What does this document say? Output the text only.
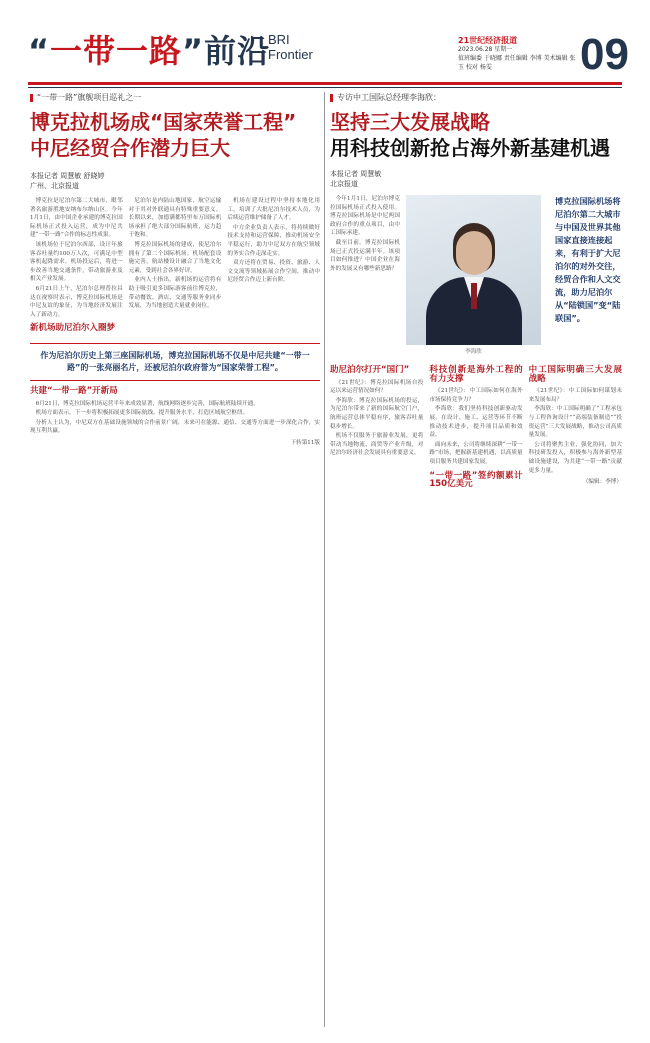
“一带一路”前沿
BRI
Frontier
21世纪经济报道
2023.06.28 星期一
值班编委 于晓娜 责任编辑 李博 美术编辑 张玉 校对 杨雯	09
“一带一路”旗舰项目巡礼之一
博克拉机场成“国家荣誉工程”
中尼经贸合作潜力巨大
本报记者 周慧敏 舒晓婷
广州、北京报道

博克拉是尼泊尔第二大城市，毗邻著名旅游胜地安纳布尔纳山区。今年1月1日，由中国企业承建的博克拉国际机场正式投入运营，成为中尼共建“一带一路”合作的标志性成果。

该机场位于尼泊尔西部，设计年旅客吞吐量约100万人次，可满足中型客机起降需求。机场投运后，将进一步改善当地交通条件，带动旅游业及相关产业发展。

6月21日上午，尼泊尔总理普拉昌达在视察时表示，博克拉国际机场是中尼友谊的象征，为当地经济发展注入了新动力。

新机场助尼泊尔入圈梦

尼泊尔是内陆山地国家，航空运输对于其对外联通具有特殊重要意义。长期以来，加德满都特里布万国际机场承担了绝大部分国际航班，运力趋于饱和。

博克拉国际机场的建成，使尼泊尔拥有了第二个国际机场。机场配套设施完善，航站楼设计融合了当地文化元素，受到社会各界好评。

业内人士指出，新机场的运营将有助于吸引更多国际游客前往博克拉，带动餐饮、酒店、交通等服务业同步发展，为当地创造大量就业岗位。

机场在建设过程中坚持本地化用工，培训了大批尼泊尔技术人员，为后续运营维护储备了人才。

中方企业负责人表示，将持续做好技术支持和运营保障，推动机场安全平稳运行，助力中尼双方在航空领域的务实合作走深走实。

双方还将在贸易、投资、旅游、人文交流等领域拓展合作空间，推动中尼经贸合作迈上新台阶。

作为尼泊尔历史上第三座国际机场，博克拉国际机场不仅是中尼共建“一带一路”的一张亮丽名片，还被尼泊尔政府誉为“国家荣誉工程”。
共建“一带一路”开新局

6月21日，博克拉国际机场运营半年来成效显著，航线网络逐步完善，国际航班陆续开通。

机场方面表示，下一步将积极拓展更多国际航线，提升服务水平，打造区域航空枢纽。

分析人士认为，中尼双方在基础设施领域的合作前景广阔，未来可在能源、通信、交通等方面进一步深化合作，实现互利共赢。

下转第11版
专访中工国际总经理李海欣：
坚持三大发展战略
用科技创新抢占海外新基建机遇
本报记者 周慧敏
北京报道

今年1月1日，尼泊尔博克拉国际机场正式投入使用。博克拉国际机场是中尼两国政府合作的重点项目，由中工国际承建。

截至目前，博克拉国际机场已正式投运满半年。该项目如何推进？中国企业在海外的发展又有哪些新思路？

李海欣
博克拉国际机场将尼泊尔第二大城市与中国及世界其他国家直接连接起来，有利于扩大尼泊尔的对外交往，经贸合作和人文交流，助力尼泊尔从“陆锁国”变“陆联国”。
助尼泊尔打开“国门”

《21世纪》：博克拉国际机场自投运以来运营情况如何？

李海欣：博克拉国际机场的投运，为尼泊尔带来了新的国际航空门户，航班运营总体平稳有序，旅客吞吐量稳步增长。

机场不仅服务于旅游业发展，更将带动当地物流、商贸等产业升级，对尼泊尔经济社会发展具有重要意义。

科技创新是海外工程的有力支撑

《21世纪》：中工国际如何在海外市场保持竞争力？

李海欣：我们坚持科技创新驱动发展，在设计、施工、运营等环节不断推动技术进步，提升项目品质和效益。

面向未来，公司将继续深耕“一带一路”市场，把握新基建机遇，以高质量项目服务共建国家发展。

“一带一路”签约额累计150亿美元
中工国际明确三大发展战略

《21世纪》：中工国际如何谋划未来发展布局？

李海欣：中工国际明确了“工程承包与工程咨询设计”“高端装备制造”“投资运营”三大发展战略，推动公司高质量发展。

公司将聚焦主业，强化协同，加大科技研发投入，积极参与海外新型基础设施建设，为共建“一带一路”贡献更多力量。

（编辑：李博）
